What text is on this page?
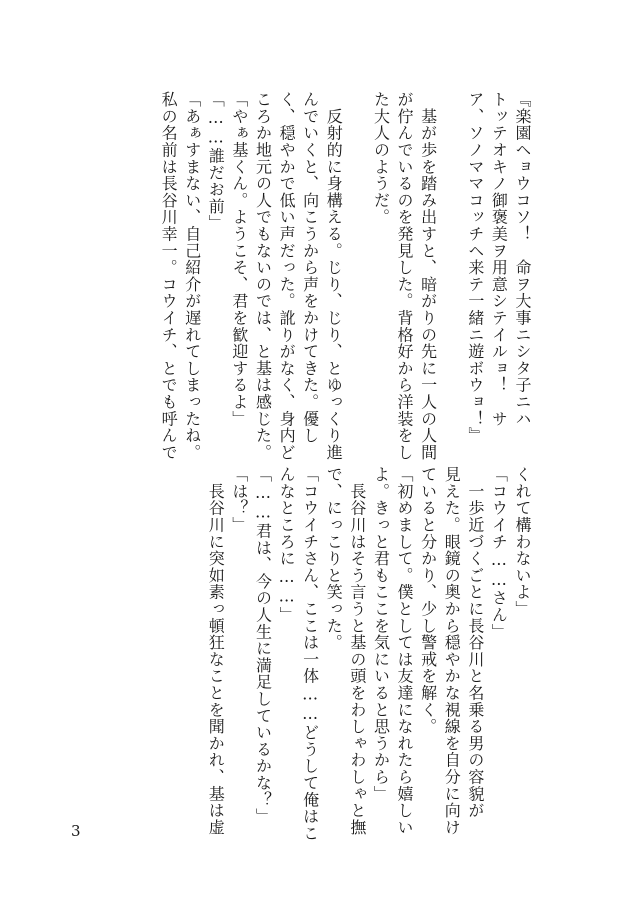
『楽園ヘョウコソ！　命ヲ大事ニシタ子ニハ
トッテオキノ御褒美ヲ用意シテイルョ！　サ
ア、ソノママコッチヘ来テ一緒ニ遊ボウョ！』

　基が歩を踏み出すと、暗がりの先に一人の人間
が佇んでいるのを発見した。背格好から洋装をし
た大人のようだ。

　反射的に身構える。じり、じり、とゆっくり進
んでいくと、向こうから声をかけてきた。優し
く、穏やかで低い声だった。訛りがなく、身内ど
ころか地元の人でもないのでは、と基は感じた。
「やぁ基くん。ようこそ、君を歓迎するよ」
「……誰だお前」
「あぁすまない、自己紹介が遅れてしまったね。
私の名前は長谷川幸一。コウイチ、とでも呼んで
くれて構わないよ」
「コウイチ……さん」
　一歩近づくごとに長谷川と名乗る男の容貌が
見えた。眼鏡の奥から穏やかな視線を自分に向け
ていると分かり、少し警戒を解く。
「初めまして。僕としては友達になれたら嬉しい
よ。きっと君もここを気にいると思うから」
　長谷川はそう言うと基の頭をわしゃわしゃと撫
で、にっこりと笑った。
「コウイチさん、ここは一体……どうして俺はこ
んなところに……」
「……君は、今の人生に満足しているかな？」
「は？」
　長谷川に突如素っ頓狂なことを聞かれ、基は虚
3
